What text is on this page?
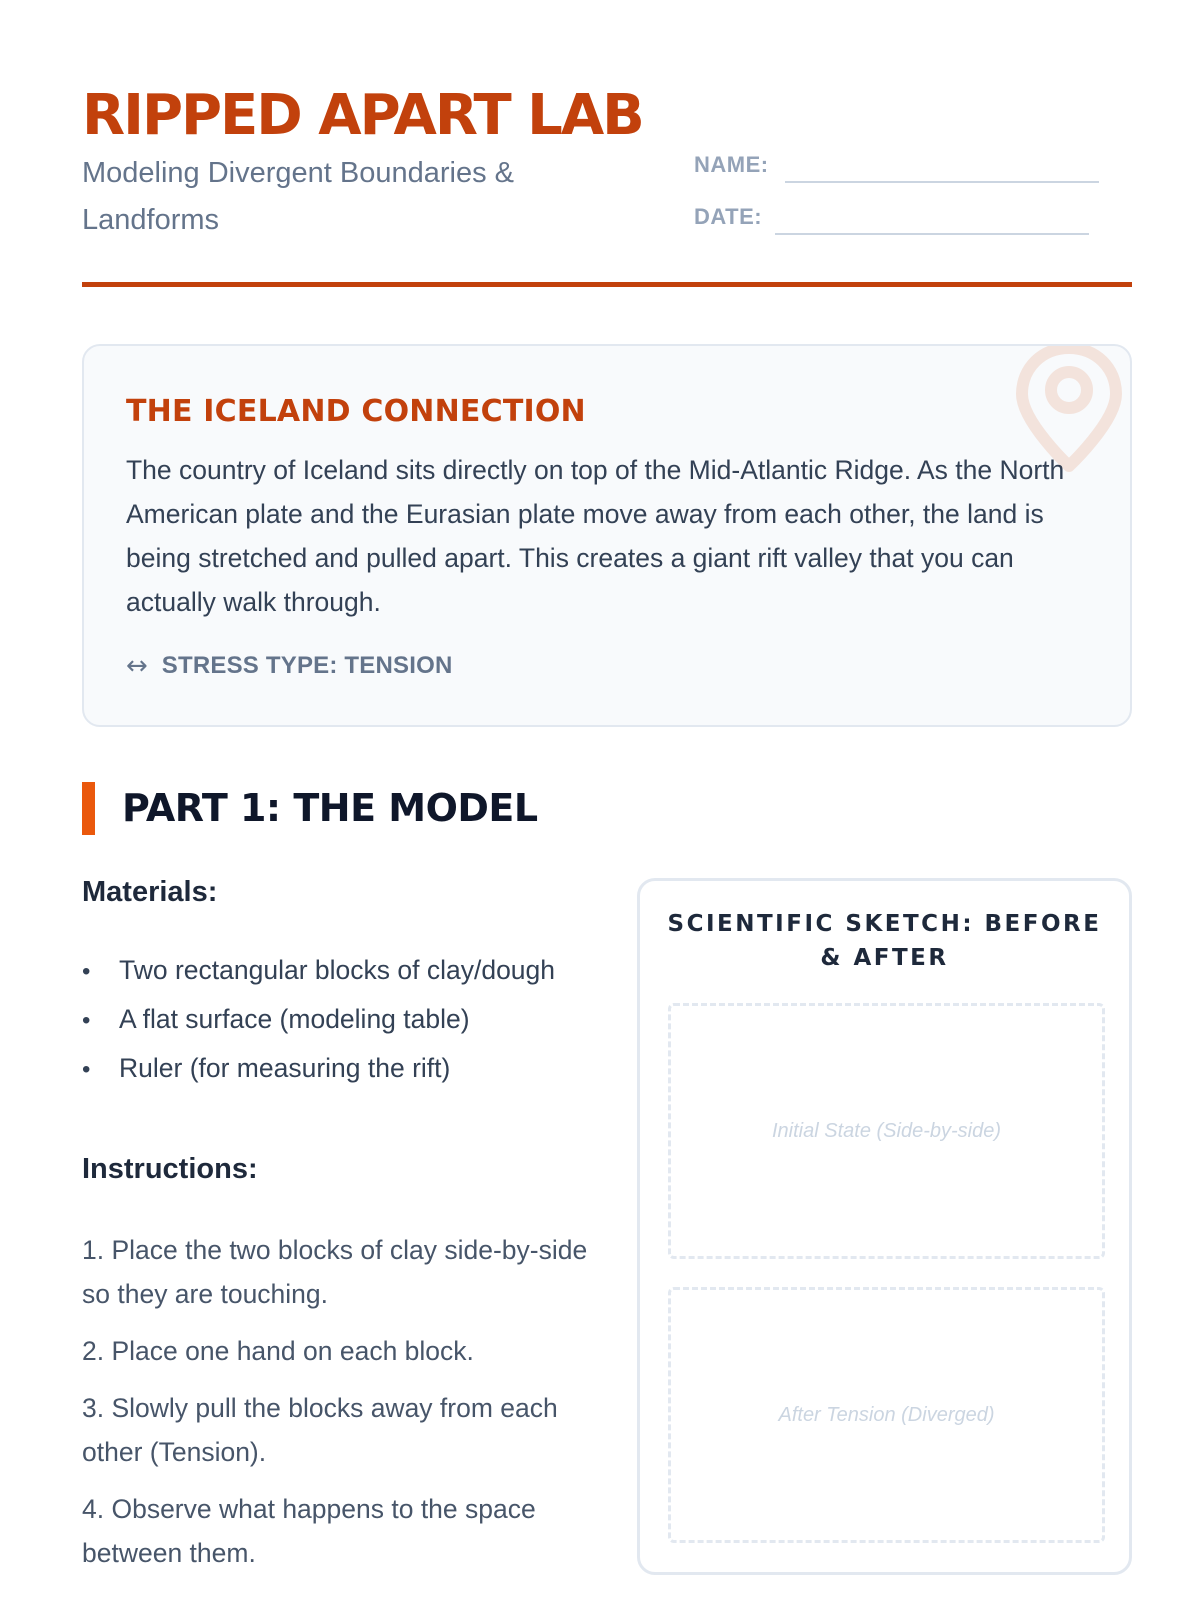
RIPPED APART LAB
Modeling Divergent Boundaries & Landforms
NAME:
DATE:
THE ICELAND CONNECTION

The country of Iceland sits directly on top of the Mid-Atlantic Ridge. As the North American plate and the Eurasian plate move away from each other, the land is being stretched and pulled apart. This creates a giant rift valley that you can actually walk through.

↔ STRESS TYPE: TENSION
PART 1: THE MODEL
Materials:
• Two rectangular blocks of clay/dough
• A flat surface (modeling table)
• Ruler (for measuring the rift)
Instructions:

1. Place the two blocks of clay side-by-side so they are touching.

2. Place one hand on each block.

3. Slowly pull the blocks away from each other (Tension).

4. Observe what happens to the space between them.

SCIENTIFIC SKETCH: BEFORE & AFTER
Initial State (Side-by-side)
After Tension (Diverged)
